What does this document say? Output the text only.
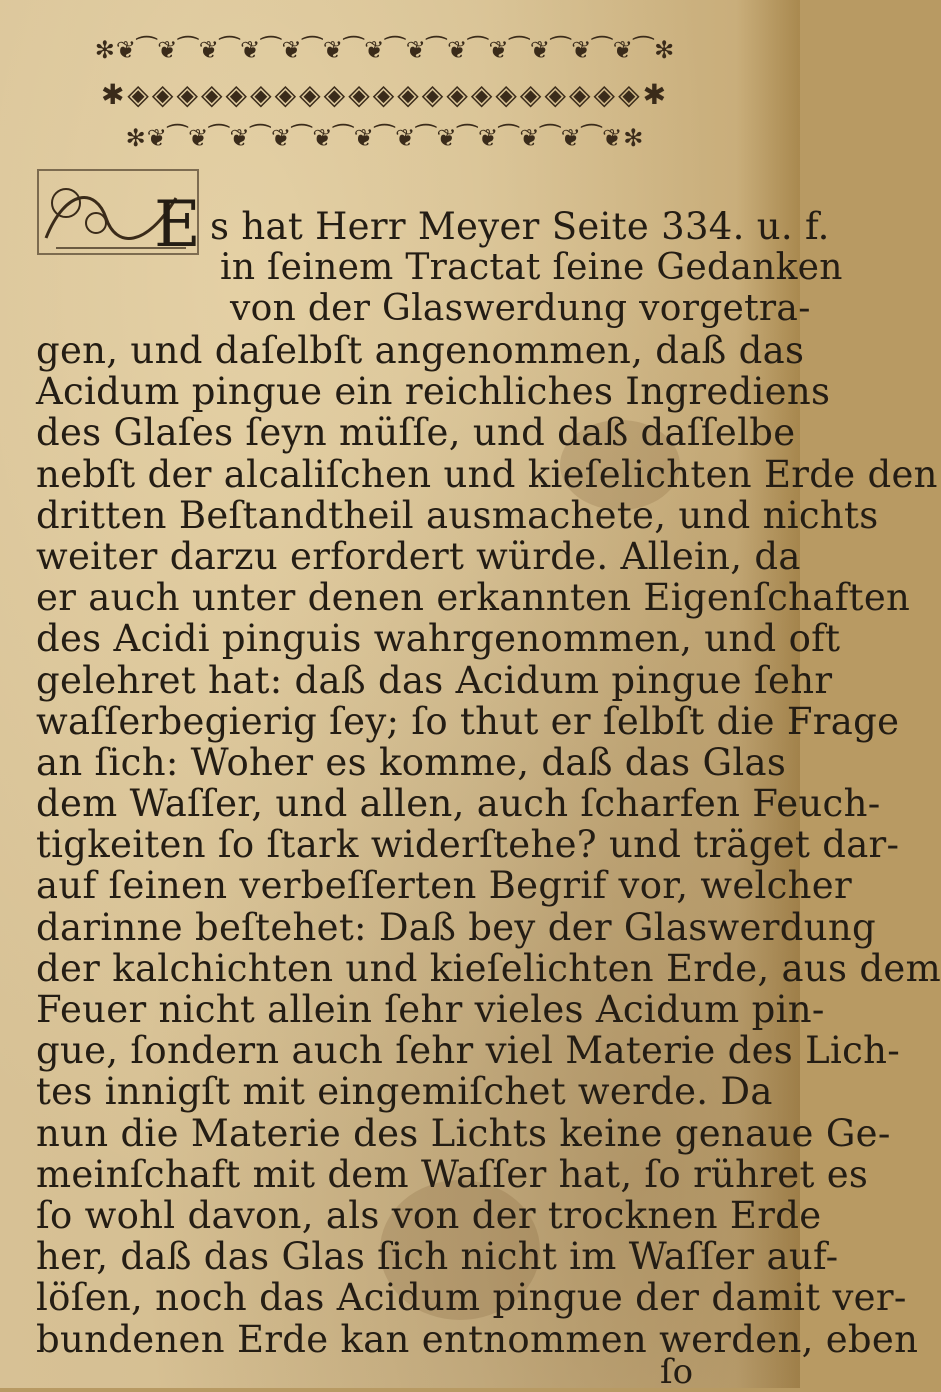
✻❦⁀❦⁀❦⁀❦⁀❦⁀❦⁀❦⁀❦⁀❦⁀❦⁀❦⁀❦⁀❦⁀✻
✱◈◈◈◈◈◈◈◈◈◈◈◈◈◈◈◈◈◈◈◈◈✱
✻❦⁀❦⁀❦⁀❦⁀❦⁀❦⁀❦⁀❦⁀❦⁀❦⁀❦⁀❦✻
E s hat Herr Meyer Seite 334. u. f.
in ſeinem Tractat ſeine Gedanken
von der Glaswerdung vorgetra-
gen, und daſelbſt angenommen, daß das
Acidum pingue ein reichliches Ingrediens
des Glaſes ſeyn müſſe, und daß daſſelbe
nebſt der alcaliſchen und kieſelichten Erde den
dritten Beſtandtheil ausmachete, und nichts
weiter darzu erfordert würde. Allein, da
er auch unter denen erkannten Eigenſchaften
des Acidi pinguis wahrgenommen, und oft
gelehret hat: daß das Acidum pingue ſehr
waſſerbegierig ſey; ſo thut er ſelbſt die Frage
an ſich: Woher es komme, daß das Glas
dem Waſſer, und allen, auch ſcharfen Feuch-
tigkeiten ſo ſtark widerſtehe? und träget dar-
auf ſeinen verbeſſerten Begrif vor, welcher
darinne beſtehet: Daß bey der Glaswerdung
der kalchichten und kieſelichten Erde, aus dem
Feuer nicht allein ſehr vieles Acidum pin-
gue, ſondern auch ſehr viel Materie des Lich-
tes innigſt mit eingemiſchet werde. Da
nun die Materie des Lichts keine genaue Ge-
meinſchaft mit dem Waſſer hat, ſo rühret es
ſo wohl davon, als von der trocknen Erde
her, daß das Glas ſich nicht im Waſſer auf-
löſen, noch das Acidum pingue der damit ver-
bundenen Erde kan entnommen werden, eben
ſo
